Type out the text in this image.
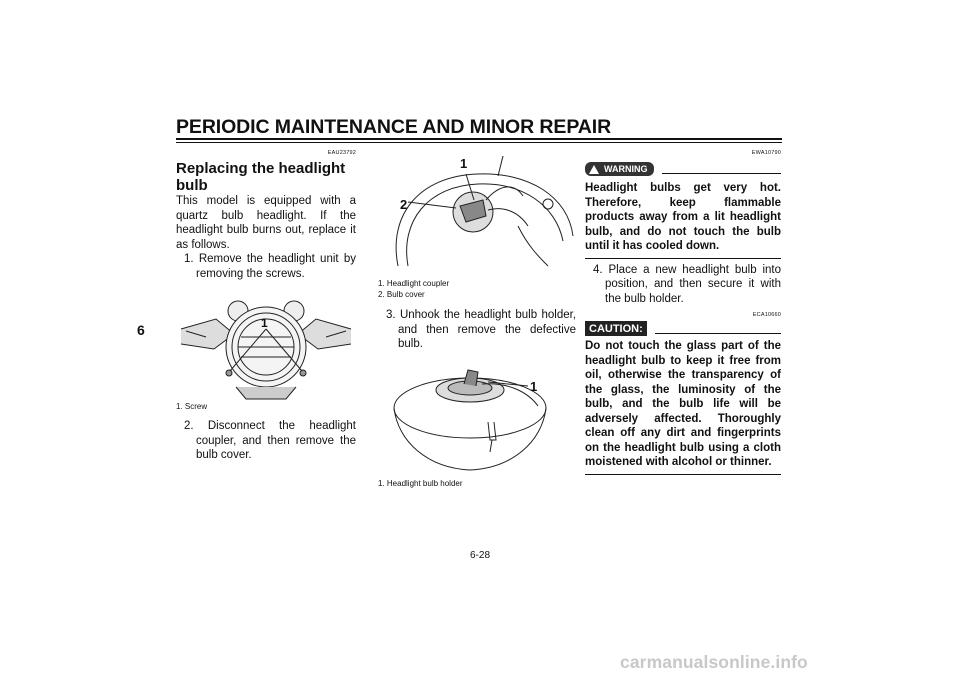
PERIODIC MAINTENANCE AND MINOR REPAIR
6
EAU23792
Replacing the headlight bulb
This model is equipped with a quartz bulb headlight. If the headlight bulb burns out, replace it as follows.
1. Remove the headlight unit by removing the screws.
1
1. Screw
2. Disconnect the headlight coupler, and then remove the bulb cover.
1
2
1. Headlight coupler
2. Bulb cover
3. Unhook the headlight bulb holder, and then remove the defective bulb.
1
1. Headlight bulb holder
EWA10790
WARNING
Headlight bulbs get very hot. Therefore, keep flammable products away from a lit headlight bulb, and do not touch the bulb until it has cooled down.
4. Place a new headlight bulb into position, and then secure it with the bulb holder.
ECA10660
CAUTION:
Do not touch the glass part of the headlight bulb to keep it free from oil, otherwise the transparency of the glass, the luminosity of the bulb, and the bulb life will be adversely affected. Thoroughly clean off any dirt and fingerprints on the headlight bulb using a cloth moistened with alcohol or thinner.
6-28
carmanualsonline.info
